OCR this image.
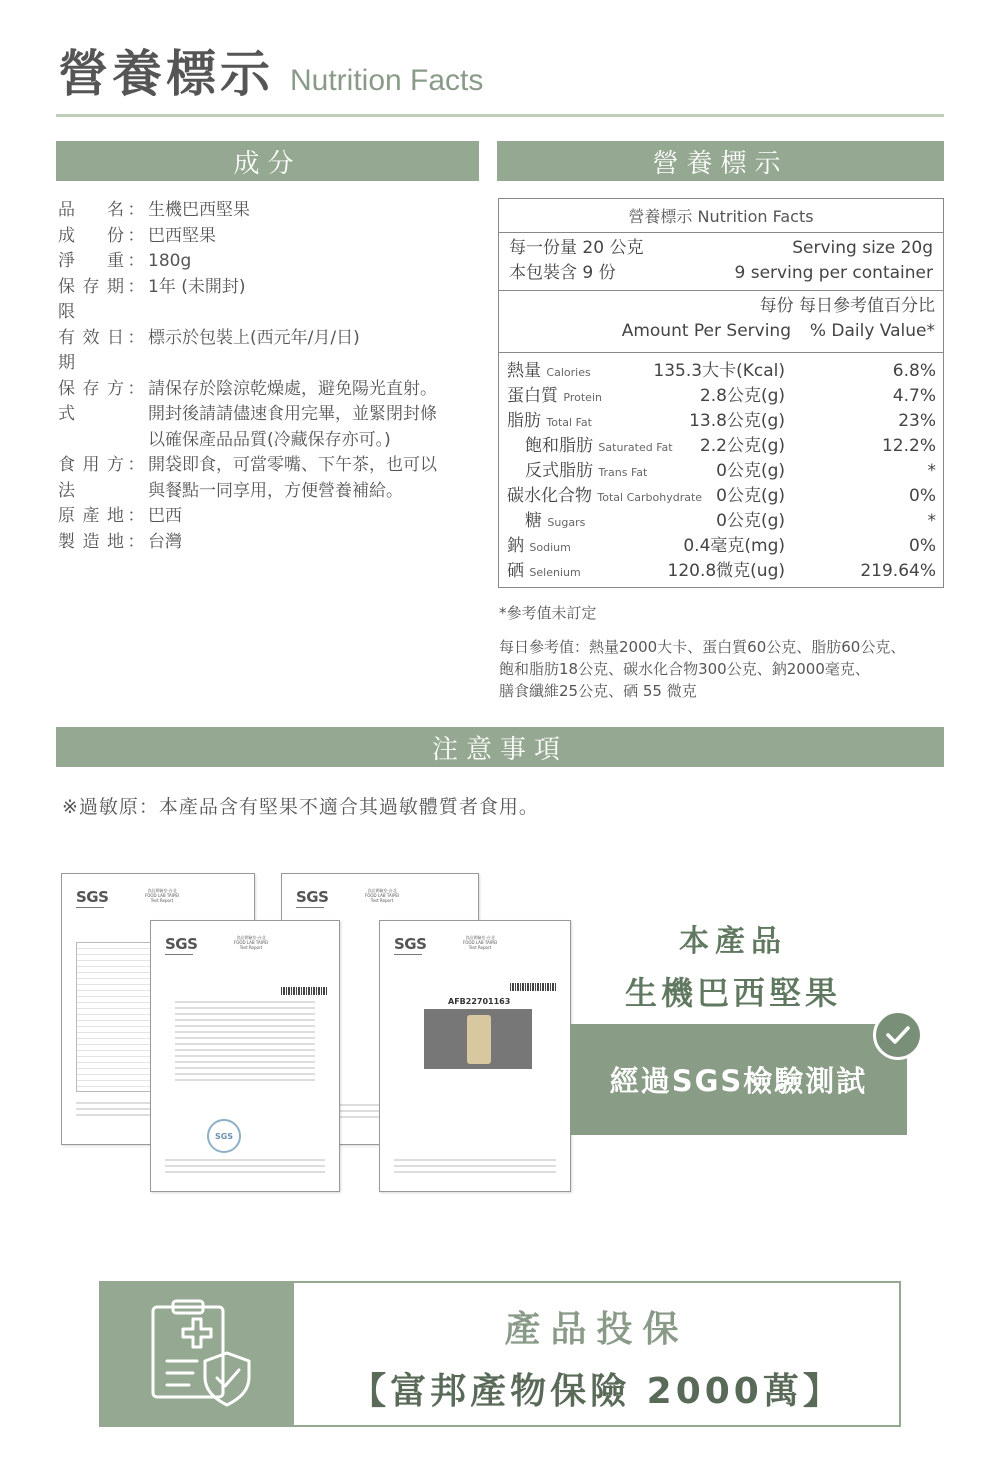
營養標示 Nutrition Facts
成分	營養標示
品名 ： 生機巴西堅果
成份 ： 巴西堅果
淨重 ： 180g
保存期限
： 1年 (未開封)
有效日期
： 標示於包裝上(西元年/月/日)
保存方式
： 請保存於陰涼乾燥處，避免陽光直射。
開封後請請儘速食用完畢，並緊閉封條
以確保產品品質(冷藏保存亦可。)
食用方法
： 開袋即食，可當零嘴、下午茶，也可以
與餐點一同享用，方便營養補給。
原產地 ： 巴西
製造地 ： 台灣
營養標示 Nutrition Facts
每一份量 20 公克	Serving size 20g
本包裝含 9 份	9 serving per container
每份 每日參考值百分比
Amount Per Serving % Daily Value*
熱量 Calories	135.3大卡(Kcal)	6.8%
蛋白質 Protein	2.8公克(g)	4.7%
脂肪 Total Fat	13.8公克(g)	23%
飽和脂肪 Saturated Fat 2.2公克(g)	12.2%
反式脂肪 Trans Fat	0公克(g)	*
碳水化合物 Total Carbohydrate 0公克(g)	0%
糖 Sugars	0公克(g)	*
鈉 Sodium	0.4毫克(mg)	0%
硒 Selenium	120.8微克(ug)	219.64%
*參考值未訂定
每日參考值：熱量2000大卡、蛋白質60公克、脂肪60公克、
飽和脂肪18公克、碳水化合物300公克、鈉2000毫克、
膳食纖維25公克、硒 55 微克
注意事項
※過敏原：本產品含有堅果不適合其過敏體質者食用。
SGS	食品實驗室-台北
FOOD LAB TAIPEI
Test Report	SGS	食品實驗室-台北
FOOD LAB TAIPEI
Test Report
SGS	食品實驗室-台北
FOOD LAB TAIPEI
Test Report
SGS
SGS	食品實驗室-台北
FOOD LAB TAIPEI
Test Report
AFB22701163
本產品
生機巴西堅果
經過SGS檢驗測試
產品投保
【富邦產物保險 2000萬】
